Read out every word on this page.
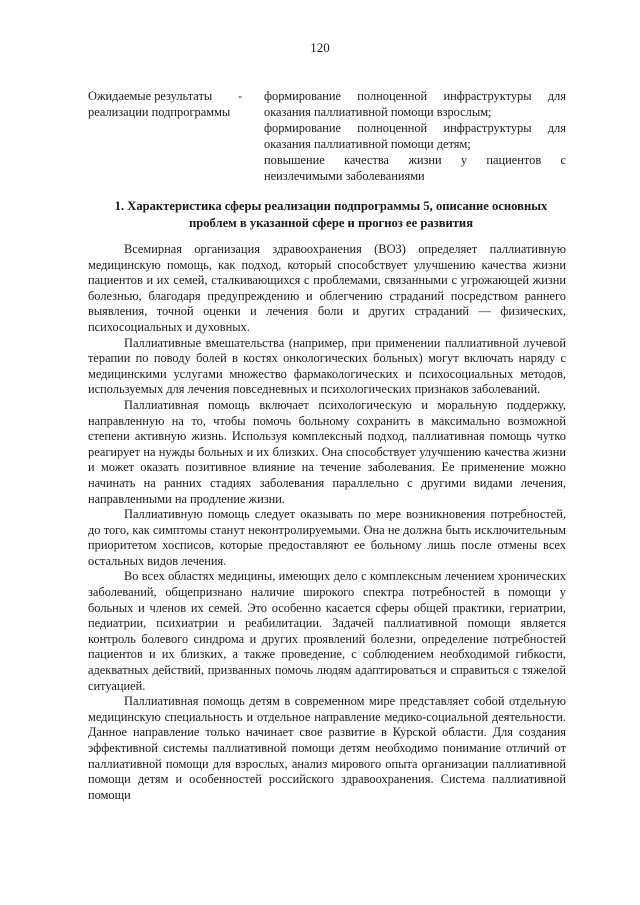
120
Ожидаемые результаты реализации подпрограммы
- формирование полноценной инфраструктуры для оказания паллиативной помощи взрослым;

формирование полноценной инфраструктуры для оказания паллиативной помощи детям;

повышение качества жизни у пациентов с неизлечимыми заболеваниями

1. Характеристика сферы реализации подпрограммы 5, описание основных проблем в указанной сфере и прогноз ее развития

Всемирная организация здравоохранения (ВОЗ) определяет паллиативную медицинскую помощь, как подход, который способствует улучшению качества жизни пациентов и их семей, сталкивающихся с проблемами, связанными с угрожающей жизни болезнью, благодаря предупреждению и облегчению страданий посредством раннего выявления, точной оценки и лечения боли и других страданий — физических, психосоциальных и духовных.

Паллиативные вмешательства (например, при применении паллиативной лучевой терапии по поводу болей в костях онкологических больных) могут включать наряду с медицинскими услугами множество фармакологических и психосоциальных методов, используемых для лечения повседневных и психологических признаков заболеваний.

Паллиативная помощь включает психологическую и моральную поддержку, направленную на то, чтобы помочь больному сохранить в максимально возможной степени активную жизнь. Используя комплексный подход, паллиативная помощь чутко реагирует на нужды больных и их близких. Она способствует улучшению качества жизни и может оказать позитивное влияние на течение заболевания. Ее применение можно начинать на ранних стадиях заболевания параллельно с другими видами лечения, направленными на продление жизни.

Паллиативную помощь следует оказывать по мере возникновения потребностей, до того, как симптомы станут неконтролируемыми. Она не должна быть исключительным приоритетом хосписов, которые предоставляют ее больному лишь после отмены всех остальных видов лечения.

Во всех областях медицины, имеющих дело с комплексным лечением хронических заболеваний, общепризнано наличие широкого спектра потребностей в помощи у больных и членов их семей. Это особенно касается сферы общей практики, гериатрии, педиатрии, психиатрии и реабилитации. Задачей паллиативной помощи является контроль болевого синдрома и других проявлений болезни, определение потребностей пациентов и их близких, а также проведение, с соблюдением необходимой гибкости, адекватных действий, призванных помочь людям адаптироваться и справиться с тяжелой ситуацией.

Паллиативная помощь детям в современном мире представляет собой отдельную медицинскую специальность и отдельное направление медико-социальной деятельности. Данное направление только начинает свое развитие в Курской области. Для создания эффективной системы паллиативной помощи детям необходимо понимание отличий от паллиативной помощи для взрослых, анализ мирового опыта организации паллиативной помощи детям и особенностей российского здравоохранения. Система паллиативной помощи
